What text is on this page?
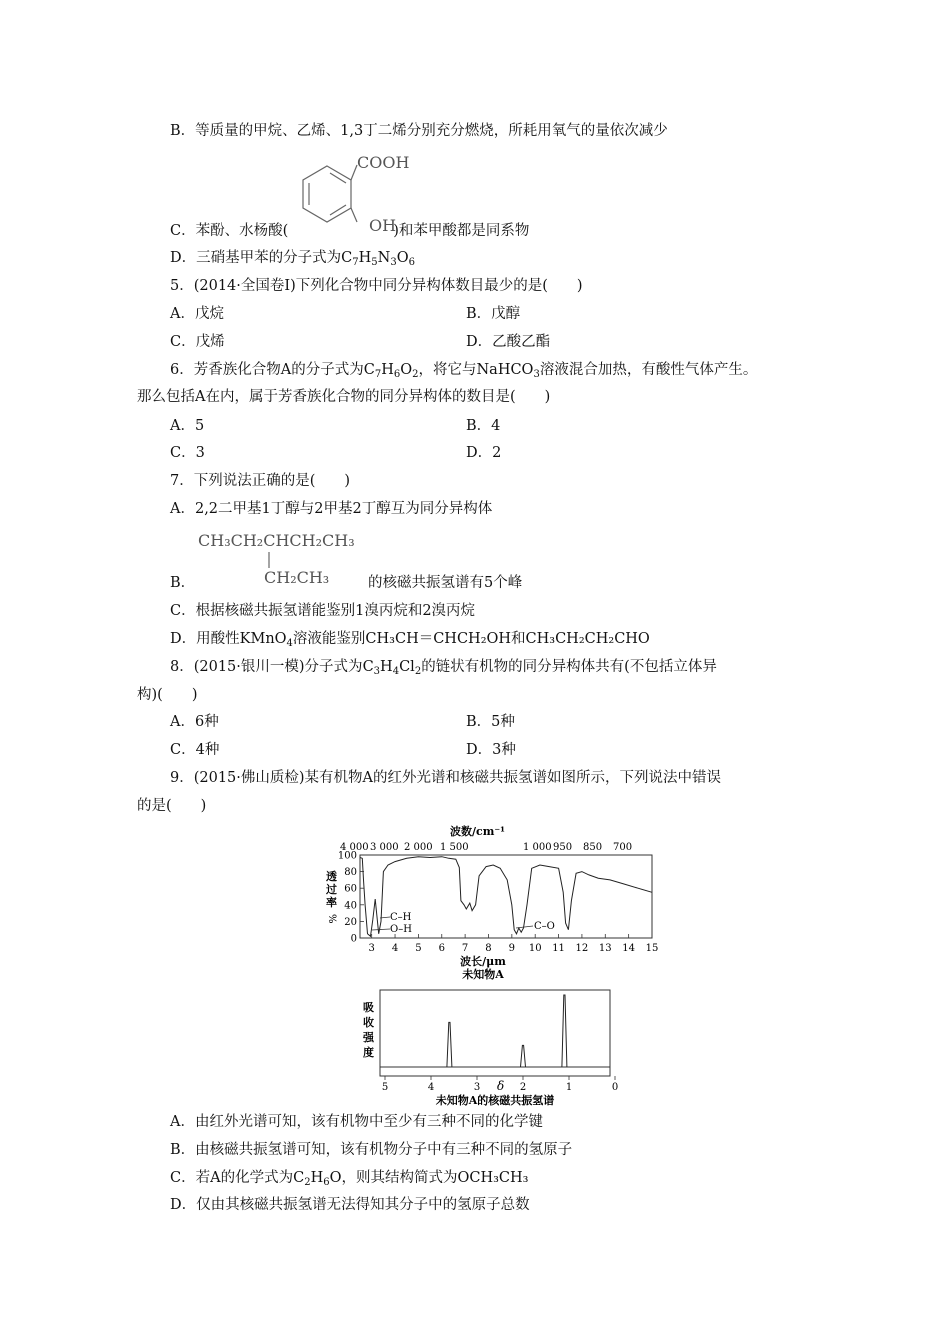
B．等质量的甲烷、乙烯、1,3丁二烯分别充分燃烧，所耗用氧气的量依次减少
COOH
OH
C．苯酚、水杨酸(	)和苯甲酸都是同系物
D．三硝基甲苯的分子式为$C_7H_5N_3O_6$
5．(2014·全国卷Ⅰ)下列化合物中同分异构体数目最少的是(　　)
A．戊烷	B．戊醇
C．戊烯	D．乙酸乙酯
6．芳香族化合物A的分子式为$C_7H_6O_2$，将它与NaHCO$_3$溶液混合加热，有酸性气体产生。
那么包括A在内，属于芳香族化合物的同分异构体的数目是(　　)
A．5	B．4
C．3	D．2
7．下列说法正确的是(　　)
A．2,2二甲基1丁醇与2甲基2丁醇互为同分异构体
CH₃CH₂CHCH₂CH₃
CH₂CH₃
B．	的核磁共振氢谱有5个峰
C．根据核磁共振氢谱能鉴别1溴丙烷和2溴丙烷
D．用酸性KMnO$_4$溶液能鉴别CH₃CH＝CHCH₂OH和CH₃CH₂CH₂CHO
8．(2015·银川一模)分子式为$C_3H_4Cl_2$的链状有机物的同分异构体共有(不包括立体异
构)(　　)
A．6种	B．5种
C．4种	D．3种
9．(2015·佛山质检)某有机物A的红外光谱和核磁共振氢谱如图所示，下列说法中错误
的是(　　)
波数/cm⁻¹
4 000 3 000 2 000 1 500	1 000 950 850 700
透
过
率
%
100
80
60
40
20
0
3 4 5 6 7 8 9 10 11 12 13 14 15
C–H
O–H	C–O
波长/μm
未知物A
吸
收
强
度
5	4	3	2	1	0
δ
未知物A的核磁共振氢谱
A．由红外光谱可知，该有机物中至少有三种不同的化学键
B．由核磁共振氢谱可知，该有机物分子中有三种不同的氢原子
C．若A的化学式为$C_2H_6O$，则其结构简式为OCH₃CH₃
D．仅由其核磁共振氢谱无法得知其分子中的氢原子总数
